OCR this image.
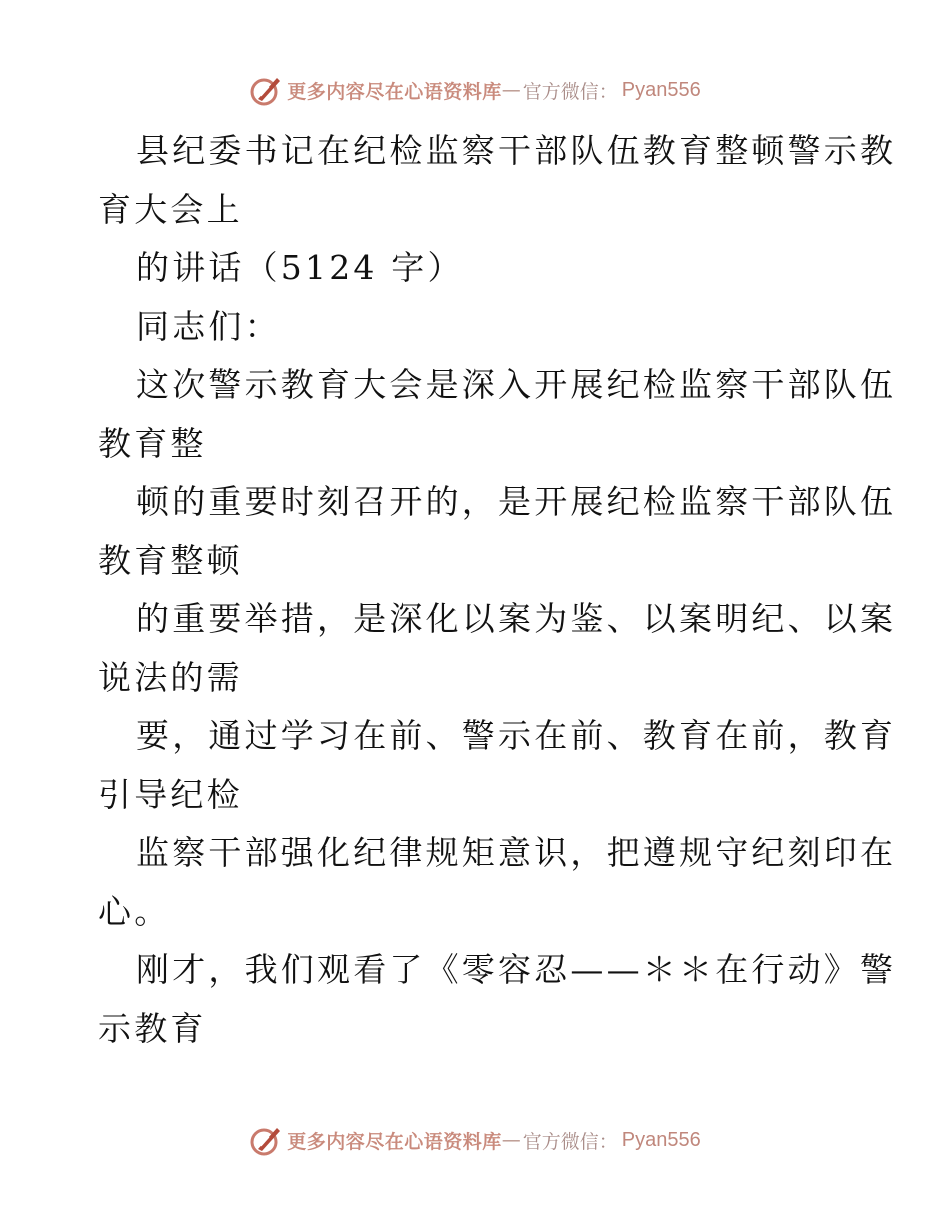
更多内容尽在心语资料库 — 官方微信： Pyan556
县纪委书记在纪检监察干部队伍教育整顿警示教
育大会上
的讲话（5124 字）
同志们：
这次警示教育大会是深入开展纪检监察干部队伍
教育整
顿的重要时刻召开的，是开展纪检监察干部队伍
教育整顿
的重要举措，是深化以案为鉴、以案明纪、以案
说法的需
要，通过学习在前、警示在前、教育在前，教育
引导纪检
监察干部强化纪律规矩意识，把遵规守纪刻印在
心。
刚才，我们观看了《零容忍——＊＊在行动》警
示教育
更多内容尽在心语资料库 — 官方微信： Pyan556
